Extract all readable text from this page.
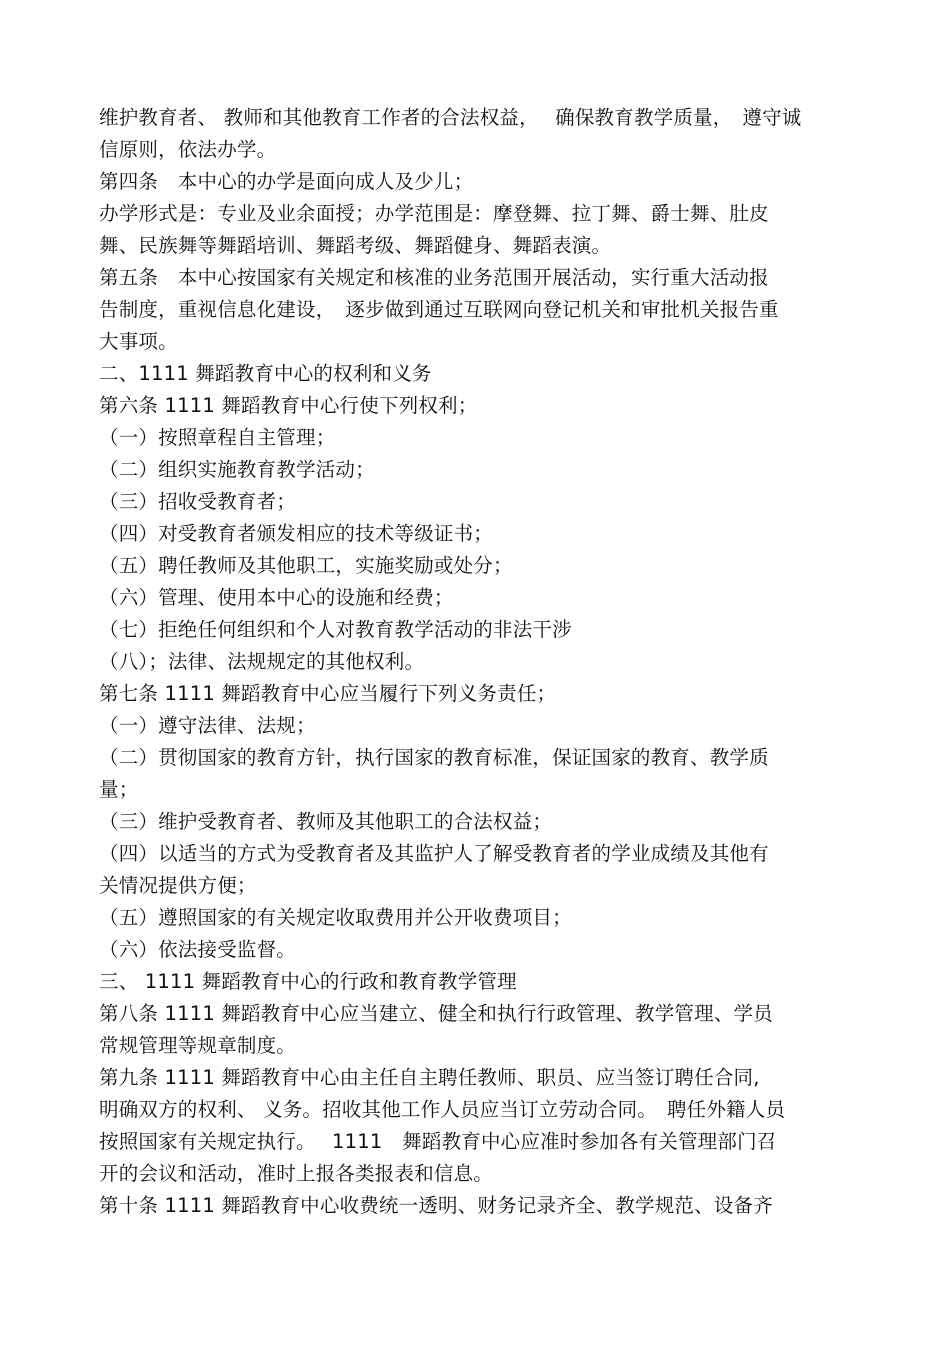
维护教育者、 教师和其他教育工作者的合法权益，　 确保教育教学质量，　遵守诚
信原则，依法办学。
第四条　本中心的办学是面向成人及少儿；
办学形式是：专业及业余面授；办学范围是：摩登舞、拉丁舞、爵士舞、肚皮
舞、民族舞等舞蹈培训、舞蹈考级、舞蹈健身、舞蹈表演。
第五条　本中心按国家有关规定和核准的业务范围开展活动，实行重大活动报
告制度，重视信息化建设，　逐步做到通过互联网向登记机关和审批机关报告重
大事项。
二、1111 舞蹈教育中心的权利和义务
第六条 1111 舞蹈教育中心行使下列权利；
（一）按照章程自主管理；
（二）组织实施教育教学活动；
（三）招收受教育者；
（四）对受教育者颁发相应的技术等级证书；
（五）聘任教师及其他职工，实施奖励或处分；
（六）管理、使用本中心的设施和经费；
（七）拒绝任何组织和个人对教育教学活动的非法干涉
（八）；法律、法规规定的其他权利。
第七条 1111 舞蹈教育中心应当履行下列义务责任；
（一）遵守法律、法规；
（二）贯彻国家的教育方针，执行国家的教育标准，保证国家的教育、教学质
量；
（三）维护受教育者、教师及其他职工的合法权益；
（四）以适当的方式为受教育者及其监护人了解受教育者的学业成绩及其他有
关情况提供方便；
（五）遵照国家的有关规定收取费用并公开收费项目；
（六）依法接受监督。
三、 1111 舞蹈教育中心的行政和教育教学管理
第八条 1111 舞蹈教育中心应当建立、健全和执行行政管理、教学管理、学员
常规管理等规章制度。
第九条 1111 舞蹈教育中心由主任自主聘任教师、职员、应当签订聘任合同,
明确双方的权利、 义务。招收其他工作人员应当订立劳动合同。　聘任外籍人员
按照国家有关规定执行。　 1111　舞蹈教育中心应准时参加各有关管理部门召
开的会议和活动，准时上报各类报表和信息。
第十条 1111 舞蹈教育中心收费统一透明、财务记录齐全、教学规范、设备齐
